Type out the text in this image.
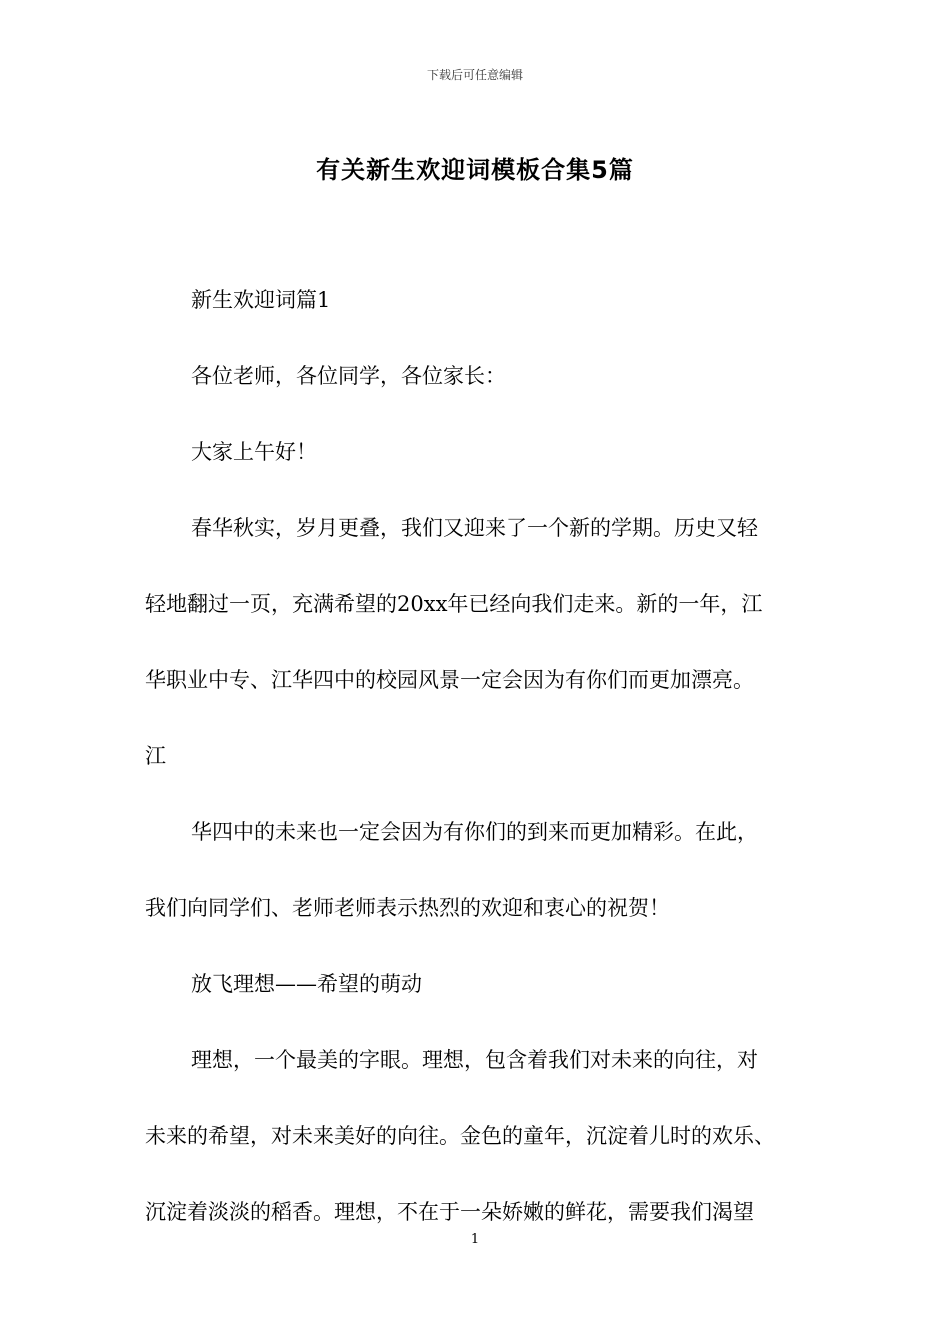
下载后可任意编辑
有关新生欢迎词模板合集5篇
新生欢迎词篇1
各位老师，各位同学，各位家长：
大家上午好！
春华秋实，岁月更叠，我们又迎来了一个新的学期。历史又轻
轻地翻过一页，充满希望的20xx年已经向我们走来。新的一年，江
华职业中专、江华四中的校园风景一定会因为有你们而更加漂亮。
江
华四中的未来也一定会因为有你们的到来而更加精彩。在此，
我们向同学们、老师老师表示热烈的欢迎和衷心的祝贺！
放飞理想——希望的萌动
理想，一个最美的字眼。理想，包含着我们对未来的向往，对
未来的希望，对未来美好的向往。金色的童年，沉淀着儿时的欢乐、
沉淀着淡淡的稻香。理想，不在于一朵娇嫩的鲜花，需要我们渴望
1
